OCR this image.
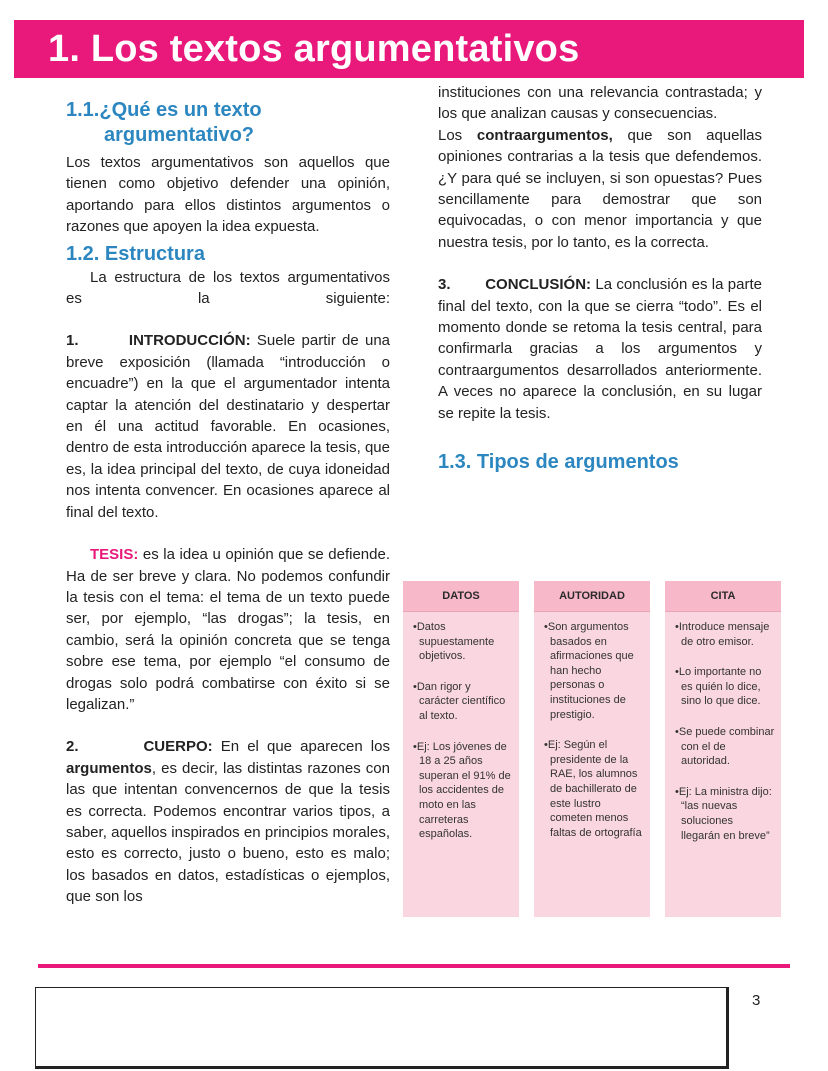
1. Los textos argumentativos

1.1.¿Qué es un texto

argumentativo?

Los textos argumentativos son aquellos que tienen como objetivo defender una opinión, aportando para ellos distintos argumentos o razones que apoyen la idea expuesta.

1.2. Estructura

La estructura de los textos argumentativos es la siguiente:

1.	INTRODUCCIÓN: Suele partir de una breve exposición (llamada “introducción o encuadre”) en la que el argumentador intenta captar la atención del destinatario y despertar en él una actitud favorable. En ocasiones, dentro de esta introducción aparece la tesis, que es, la idea principal del texto, de cuya idoneidad nos intenta convencer. En ocasiones aparece al final del texto.

TESIS: es la idea u opinión que se defiende. Ha de ser breve y clara. No podemos confundir la tesis con el tema: el tema de un texto puede ser, por ejemplo, “las drogas”; la tesis, en cambio, será la opinión concreta que se tenga sobre ese tema, por ejemplo “el consumo de drogas solo podrá combatirse con éxito si se legalizan.”

2.	CUERPO: En el que aparecen los argumentos, es decir, las distintas razones con las que intentan convencernos de que la tesis es correcta. Podemos encontrar varios tipos, a saber, aquellos inspirados en principios morales, esto es correcto, justo o bueno, esto es malo; los basados en datos, estadísticas o ejemplos, que son los

instituciones con una relevancia contrastada; y los que analizan causas y consecuencias.

Los contraargumentos, que son aquellas opiniones contrarias a la tesis que defendemos. ¿Y para qué se incluyen, si son opuestas? Pues sencillamente para demostrar que son equivocadas, o con menor importancia y que nuestra tesis, por lo tanto, es la correcta.

3. CONCLUSIÓN: La conclusión es la parte final del texto, con la que se cierra “todo”. Es el momento donde se retoma la tesis central, para confirmarla gracias a los argumentos y contraargumentos desarrollados anteriormente. A veces no aparece la conclusión, en su lugar se repite la tesis.

1.3. Tipos de argumentos

DATOS
•Datos supuestamente objetivos.
•Dan rigor y carácter científico al texto.
•Ej: Los jóvenes de 18 a 25 años superan el 91% de los accidentes de moto en las carreteras españolas.
AUTORIDAD
•Son argumentos basados en afirmaciones que han hecho personas o instituciones de prestigio.
•Ej: Según el presidente de la RAE, los alumnos de bachillerato de este lustro cometen menos faltas de ortografía
CITA
•Introduce mensaje de otro emisor.
•Lo importante no es quién lo dice, sino lo que dice.
•Se puede combinar con el de autoridad.
•Ej: La ministra dijo: “las nuevas soluciones llegarán en breve”
3
